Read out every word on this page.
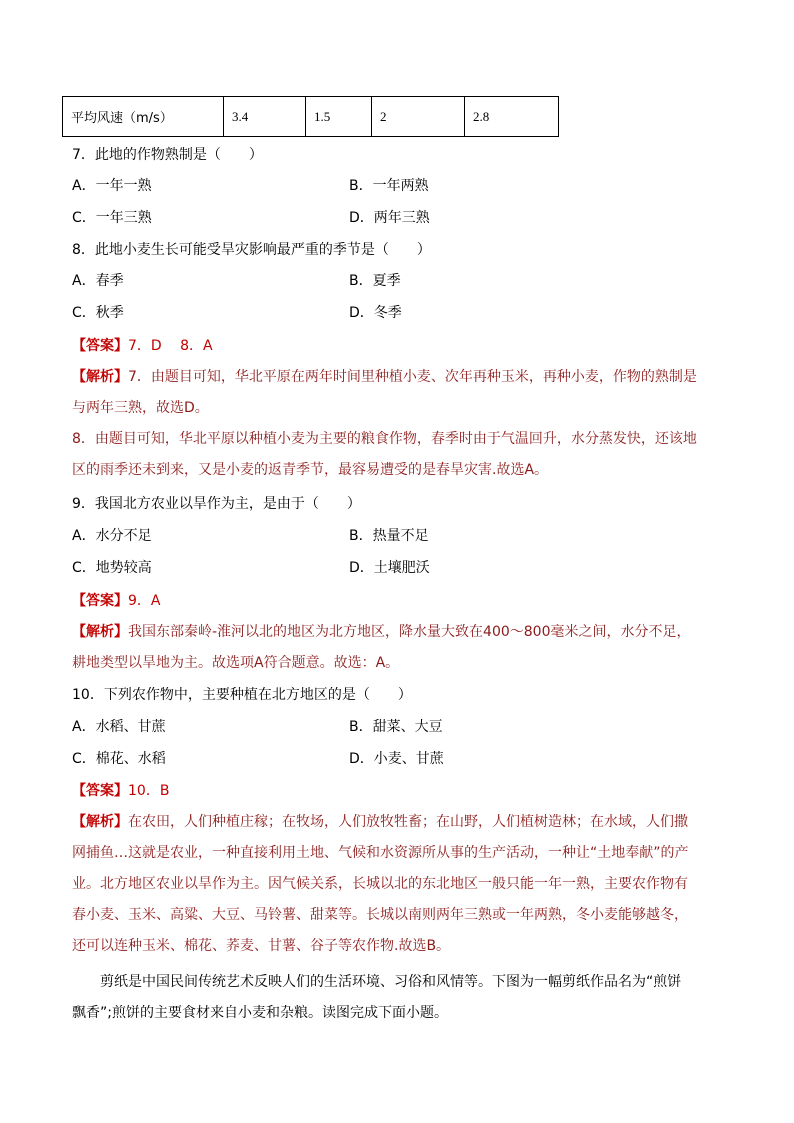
平均风速（m/s）	3.4	1.5	2	2.8
7．此地的作物熟制是（　　）
A．一年一熟	B．一年两熟
C．一年三熟	D．两年三熟
8．此地小麦生长可能受旱灾影响最严重的季节是（　　）
A．春季	B．夏季
C．秋季	D．冬季
【答案】7．D　 8．A
【解析】7．由题目可知，华北平原在两年时间里种植小麦、次年再种玉米，再种小麦，作物的熟制是
与两年三熟，故选D。
8．由题目可知，华北平原以种植小麦为主要的粮食作物，春季时由于气温回升，水分蒸发快，还该地
区的雨季还未到来，又是小麦的返青季节，最容易遭受的是春旱灾害.故选A。
9．我国北方农业以旱作为主，是由于（　　）
A．水分不足	B．热量不足
C．地势较高	D．土壤肥沃
【答案】9．A
【解析】我国东部秦岭-淮河以北的地区为北方地区，降水量大致在400～800毫米之间，水分不足，
耕地类型以旱地为主。故选项A符合题意。故选：A。
10．下列农作物中，主要种植在北方地区的是（　　）
A．水稻、甘蔗	B．甜菜、大豆
C．棉花、水稻	D．小麦、甘蔗
【答案】10．B
【解析】在农田，人们种植庄稼；在牧场，人们放牧牲畜；在山野，人们植树造林；在水域，人们撒
网捕鱼…这就是农业，一种直接利用土地、气候和水资源所从事的生产活动，一种让“土地奉献”的产
业。北方地区农业以旱作为主。因气候关系，长城以北的东北地区一般只能一年一熟，主要农作物有
春小麦、玉米、高粱、大豆、马铃薯、甜菜等。长城以南则两年三熟或一年两熟，冬小麦能够越冬，
还可以连种玉米、棉花、荞麦、甘薯、谷子等农作物.故选B。
剪纸是中国民间传统艺术反映人们的生活环境、习俗和风情等。下图为一幅剪纸作品名为“煎饼
飘香”;煎饼的主要食材来自小麦和杂粮。读图完成下面小题。
